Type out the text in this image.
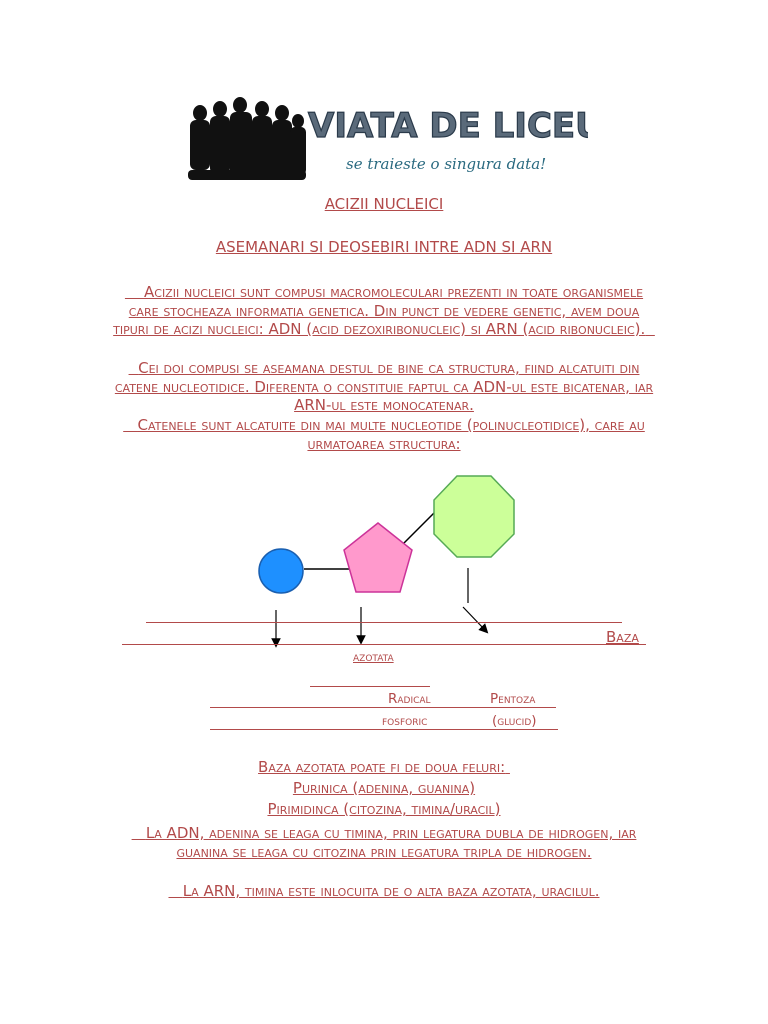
VIATA DE LICEU
se traieste o singura data!
ACIZII NUCLEICI
ASEMANARI SI DEOSEBIRI INTRE ADN SI ARN
Acizii nucleici sunt compusi macromoleculari prezenti in toate organismele care stocheaza informatia genetica. Din punct de vedere genetic, avem doua tipuri de acizi nucleici: ADN (acid dezoxiribonucleic) si ARN (acid ribonucleic).
Cei doi compusi se aseamana destul de bine ca structura, fiind alcatuiti din catene nucleotidice. Diferenta o constituie faptul ca ADN-ul este bicatenar, iar ARN-ul este monocatenar.
Catenele sunt alcatuite din mai multe nucleotide (polinucleotidice), care au urmatoarea structura:
Baza
azotata
Radical	Pentoza
fosforic	(glucid)
Baza azotata poate fi de doua feluri:
Purinica (adenina, guanina)
Pirimidinca (citozina, timina/uracil)
La ADN, adenina se leaga cu timina, prin legatura dubla de hidrogen, iar guanina se leaga cu citozina prin legatura tripla de hidrogen.
La ARN, timina este inlocuita de o alta baza azotata, uracilul.
